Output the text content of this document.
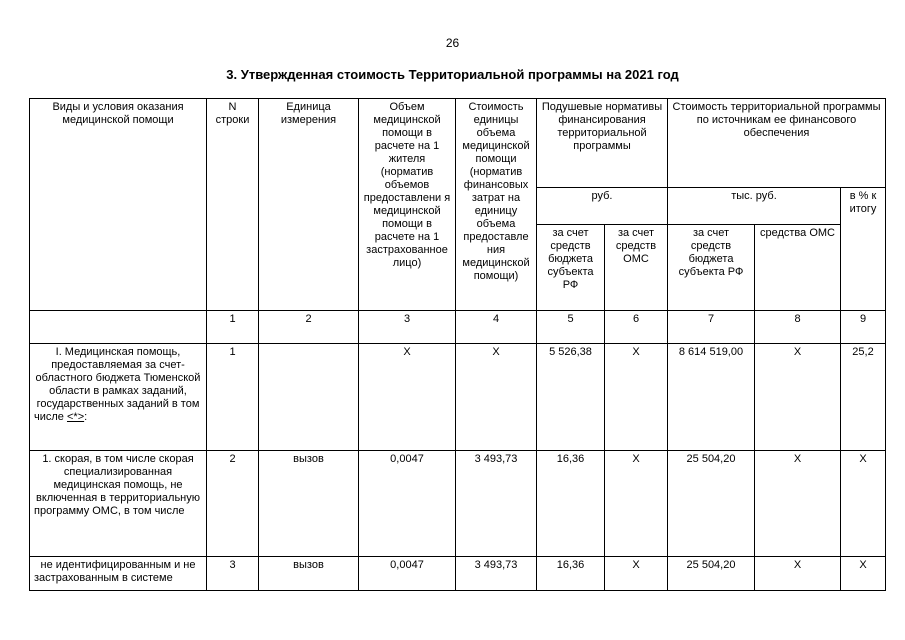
26
3. Утвержденная стоимость Территориальной программы на 2021 год
Виды и условия оказания медицинской помощи	N строки	Единица измерения	Объем медицинской помощи в расчете на 1 жителя (норматив объемов предоставлени я медицинской помощи в расчете на 1 застрахованное лицо)	Стоимость единицы объема медицинской помощи (норматив финансовых затрат на единицу объема предоставле ния медицинской помощи)	Подушевые нормативы финансирования территориальной программы		Стоимость территориальной программы по источникам ее финансового обеспечения		
					руб.		тыс. руб.		в % к итогу

					за счет средств бюджета субъекта РФ	за счет средств ОМС	за счет средств бюджета субъекта РФ	средства ОМС	
	1	2	3	4	5	6	7	8	9
I. Медицинская помощь, предоставляемая за счет-областного бюджета Тюменской области в рамках заданий, государственных заданий в том числе <*>:	1		X	X	5 526,38	X	8 614 519,00	X	25,2
1. скорая, в том числе скорая специализированная медицинская помощь, не включенная в территориальную программу ОМС, в том числе	2	вызов	0,0047	3 493,73	16,36	X	25 504,20	X	X
не идентифицированным и не застрахованным в системе	3	вызов	0,0047	3 493,73	16,36	X	25 504,20	X	X
